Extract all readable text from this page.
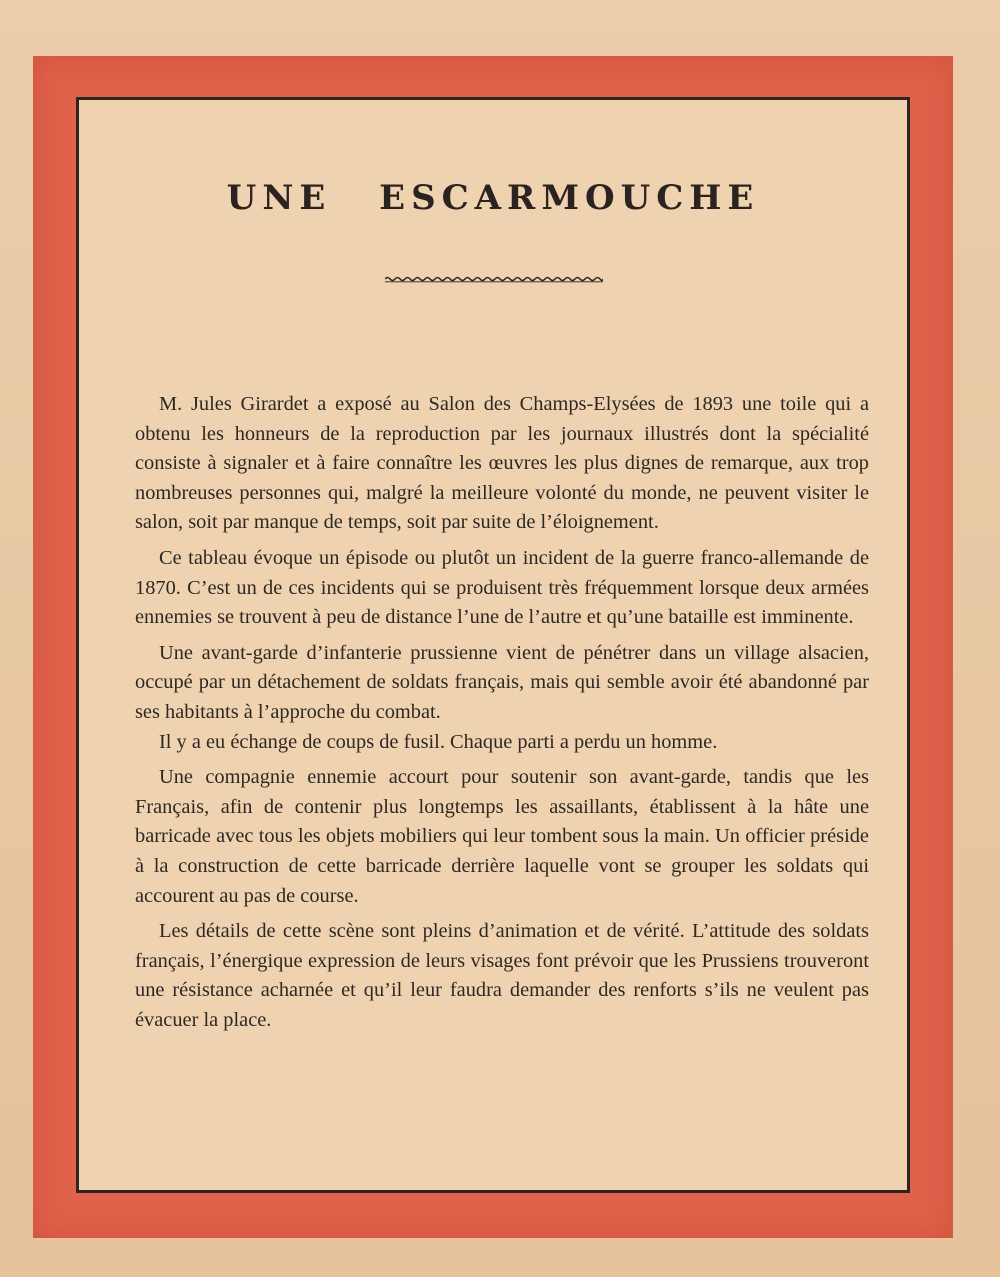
UNE ESCARMOUCHE

M. Jules Girardet a exposé au Salon des Champs-Elysées de 1893 une toile qui a obtenu les honneurs de la reproduction par les journaux illustrés dont la spécialité consiste à signaler et à faire connaître les œuvres les plus dignes de remarque, aux trop nombreuses personnes qui, malgré la meilleure volonté du monde, ne peuvent visiter le salon, soit par manque de temps, soit par suite de l’éloignement.

Ce tableau évoque un épisode ou plutôt un incident de la guerre franco-allemande de 1870. C’est un de ces incidents qui se produisent très fréquemment lorsque deux armées ennemies se trouvent à peu de distance l’une de l’autre et qu’une bataille est imminente.

Une avant-garde d’infanterie prussienne vient de pénétrer dans un village alsacien, occupé par un détachement de soldats français, mais qui semble avoir été abandonné par ses habitants à l’approche du combat.

Il y a eu échange de coups de fusil. Chaque parti a perdu un homme.

Une compagnie ennemie accourt pour soutenir son avant-garde, tandis que les Français, afin de contenir plus longtemps les assaillants, établissent à la hâte une barricade avec tous les objets mobiliers qui leur tombent sous la main. Un officier préside à la construction de cette barricade derrière laquelle vont se grouper les soldats qui accourent au pas de course.

Les détails de cette scène sont pleins d’animation et de vérité. L’attitude des soldats français, l’énergique expression de leurs visages font prévoir que les Prussiens trouveront une résistance acharnée et qu’il leur faudra demander des renforts s’ils ne veulent pas évacuer la place.
